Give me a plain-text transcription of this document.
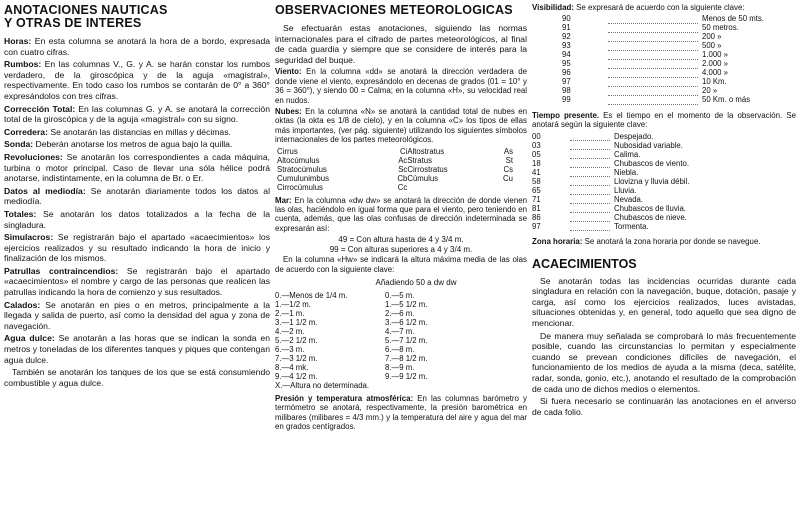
ANOTACIONES NAUTICAS
Y OTRAS DE INTERES

Horas: En esta columna se anotará la hora de a bordo, expresada con cuatro cifras.

Rumbos: En las columnas V., G. y A. se harán constar los rumbos verdadero, de la giroscópica y de la aguja «magistral», respectivamente. En todo caso los rumbos se contarán de 0° a 360° expresándolos con tres cifras.

Corrección Total: En las columnas G. y A. se anotará la corrección total de la giroscópica y de la aguja «magistral» con su signo.

Corredera: Se anotarán las distancias en millas y décimas.

Sonda: Deberán anotarse los metros de agua bajo la quilla.

Revoluciones: Se anotarán los correspondientes a cada máquina, turbina o motor principal. Caso de llevar una sóla hélice podrá anotarse, indistintamente, en la columna de Br. o Er.

Datos al mediodía: Se anotarán diariamente todos los datos al mediodía.

Totales: Se anotarán los datos totalizados a la fecha de la singladura.

Simulacros: Se registrarán bajo el apartado «acaecimientos» los ejercicios realizados y su resultado indicando la hora de inicio y finalización de los mismos.

Patrullas contraincendios: Se registrarán bajo el apartado «acaecimientos» el nombre y cargo de las personas que realicen las patrullas indicando la hora de comienzo y sus resultados.

Calados: Se anotarán en pies o en metros, principalmente a la llegada y salida de puerto, así como la densidad del agua y zona de navegación.

Agua dulce: Se anotarán a las horas que se indican la sonda en metros y toneladas de los diferentes tanques y piques que contengan agua dulce.

También se anotarán los tanques de los que se está consumiendo combustible y agua dulce.

OBSERVACIONES METEOROLOGICAS

Se efectuarán estas anotaciones, siguiendo las normas internacionales para el cifrado de partes meteorológicos, al final de cada guardia y siempre que se considere de interés para la seguridad del buque.

Viento: En la columna «dd» se anotará la dirección verdadera de donde viene el viento, expresándolo en decenas de grados (01 = 10° y 36 = 360°), y siendo 00 = Calma; en la columna «H», su velocidad real en nudos.

Nubes: En la columna «N» se anotará la cantidad total de nubes en oktas (la okta es 1/8 de cielo), y en la columna «C» los tipos de ellas más importantes, (ver pág. siguiente) utilizando los siguientes símbolos internacionales de los partes meteorológicos.

Cirrus	Ci	Altostratus	As
Altocúmulus	Ac	Stratus	St
Stratocúmulus	Sc	Cirrostratus	Cs
Cumulunimbus	Cb	Cúmulus	Cu
Cirrocúmulus	Cc		

Mar: En la columna «dw dw» se anotará la dirección de donde vienen las olas, haciéndolo en igual forma que para el viento, pero teniendo en cuenta, además, que las olas confusas de dirección indeterminada se expresarán así:

49 = Con altura hasta de 4 y 3/4 m.
99 = Con alturas superiores a 4 y 3/4 m.

En la columna «Hw» se indicará la altura máxima media de las olas de acuerdo con la siguiente clave:

Añadiendo 50 a dw dw
0.—Menos de 1/4 m.	0.—5 m.
1.—1/2 m.	1.—5 1/2 m.
2.—1 m.	2.—6 m.
3.—1 1/2 m.	3.—6 1/2 m.
4.—2 m.	4.—7 m.
5.—2 1/2 m.	5.—7 1/2 m.
6.—3 m.	6.—8 m.
7.—3 1/2 m.	7.—8 1/2 m.
8.—4 mk.	8.—9 m.
9.—4 1/2 m.	9.—9 1/2 m.
X.—Altura no determinada.	

Presión y temperatura atmosférica: En las columnas barómetro y termómetro se anotará, respectivamente, la presión barométrica en milibares (milibares = 4/3 mm.) y la temperatura del aire y agua del mar en grados centígrados.

Visibilidad: Se expresará de acuerdo con la siguiente clave:

90		Menos de 50 mts.
91		50 metros.
92		200 »
93		500 »
94		1.000 »
95		2.000 »
96		4.000 »
97		10 Km.
98		20 »
99		50 Km. o más

Tiempo presente. Es el tiempo en el momento de la observación. Se anotará según la siguiente clave:

00		Despejado.
03		Nubosidad variable.
05		Calima.
18		Chubascos de viento.
41		Niebla.
58		Llovizna y lluvia débil.
65		Lluvia.
71		Nevada.
81		Chubascos de lluvia.
86		Chubascos de nieve.
97		Tormenta.

Zona horaria: Se anotará la zona horaria por donde se navegue.

ACAECIMIENTOS

Se anotarán todas las incidencias ocurridas durante cada singladura en relación con la navegación, buque, dotación, pasaje y carga, así como los ejercicios realizados, luces avistadas, situaciones obtenidas y, en general, todo aquello que sea digno de mencionar.

De manera muy señalada se comprobará lo más frecuentemente posible, cuando las circunstancias lo permitan y especialmente cuando se prevean condiciones difíciles de navegación, el funcionamiento de los medios de ayuda a la misma (deca, satélite, radar, sonda, gonio, etc.), anotando el resultado de la comprobación de cada uno de dichos medios o elementos.

Si fuera necesario se continuarán las anotaciones en el anverso de cada folio.
